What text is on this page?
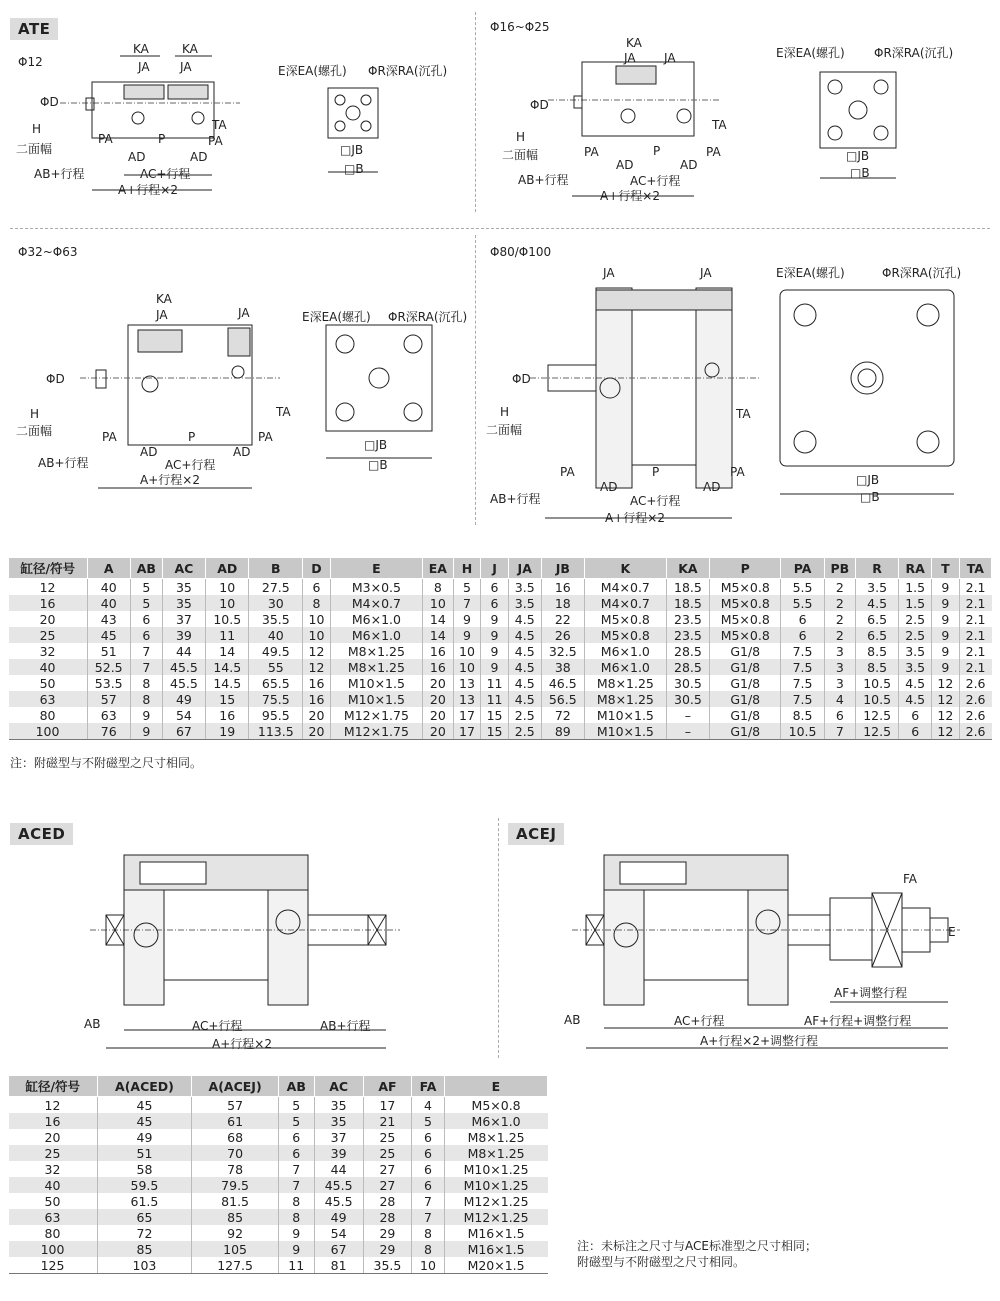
ATE
ACED	ACEJ
Φ12
Φ16~Φ25
Φ32~Φ63	Φ80/Φ100
KA	KA
JA	JA
ΦD
H
二面幅
PA	P
TA
PA
AD	AD
AB+行程	AC+行程
A+行程×2
E深EA(螺孔) ΦR深RA(沉孔)
□JB
□B
KA
JA JA
ΦD
H
二面幅	PA	P
TA
PA
AD	AD
AB+行程	AC+行程
A+行程×2
E深EA(螺孔) ΦR深RA(沉孔)
□JB
□B
KA
JA	JA
ΦD
H
二面幅	PA	P
TA
PA
AD	AD
AB+行程	AC+行程
A+行程×2
E深EA(螺孔) ΦR深RA(沉孔)
□JB
□B
JA	JA
ΦD
H
二面幅
PA	P
TA
PA
AD	AD
AB+行程	AC+行程
A+行程×2
E深EA(螺孔)	ΦR深RA(沉孔)
□JB
□B
缸径/符号	A	AB	AC	AD	B	D	E	EA	H	J	JA	JB	K	KA	P	PA	PB	R	RA	T	TA
12	40	5	35	10	27.5	6	M3×0.5	8	5	6	3.5	16	M4×0.7	18.5	M5×0.8	5.5	2	3.5	1.5	9	2.1
16	40	5	35	10	30	8	M4×0.7	10	7	6	3.5	18	M4×0.7	18.5	M5×0.8	5.5	2	4.5	1.5	9	2.1
20	43	6	37	10.5	35.5	10	M6×1.0	14	9	9	4.5	22	M5×0.8	23.5	M5×0.8	6	2	6.5	2.5	9	2.1
25	45	6	39	11	40	10	M6×1.0	14	9	9	4.5	26	M5×0.8	23.5	M5×0.8	6	2	6.5	2.5	9	2.1
32	51	7	44	14	49.5	12	M8×1.25	16	10	9	4.5	32.5	M6×1.0	28.5	G1/8	7.5	3	8.5	3.5	9	2.1
40	52.5	7	45.5	14.5	55	12	M8×1.25	16	10	9	4.5	38	M6×1.0	28.5	G1/8	7.5	3	8.5	3.5	9	2.1
50	53.5	8	45.5	14.5	65.5	16	M10×1.5	20	13	11	4.5	46.5	M8×1.25	30.5	G1/8	7.5	3	10.5	4.5	12	2.6
63	57	8	49	15	75.5	16	M10×1.5	20	13	11	4.5	56.5	M8×1.25	30.5	G1/8	7.5	4	10.5	4.5	12	2.6
80	63	9	54	16	95.5	20	M12×1.75	20	17	15	2.5	72	M10×1.5	–	G1/8	8.5	6	12.5	6	12	2.6
100	76	9	67	19	113.5	20	M12×1.75	20	17	15	2.5	89	M10×1.5	–	G1/8	10.5	7	12.5	6	12	2.6
注：附磁型与不附磁型之尺寸相同。
AB	AC+行程	AB+行程
A+行程×2
FA
E
AF+调整行程
AB	AC+行程	AF+行程+调整行程
A+行程×2+调整行程
缸径/符号	A(ACED)	A(ACEJ)	AB	AC	AF	FA	E
12	45	57	5	35	17	4	M5×0.8
16	45	61	5	35	21	5	M6×1.0
20	49	68	6	37	25	6	M8×1.25
25	51	70	6	39	25	6	M8×1.25
32	58	78	7	44	27	6	M10×1.25
40	59.5	79.5	7	45.5	27	6	M10×1.25
50	61.5	81.5	8	45.5	28	7	M12×1.25
63	65	85	8	49	28	7	M12×1.25
80	72	92	9	54	29	8	M16×1.5
100	85	105	9	67	29	8	M16×1.5
125	103	127.5	11	81	35.5	10	M20×1.5
注：未标注之尺寸与ACE标准型之尺寸相同；
附磁型与不附磁型之尺寸相同。
